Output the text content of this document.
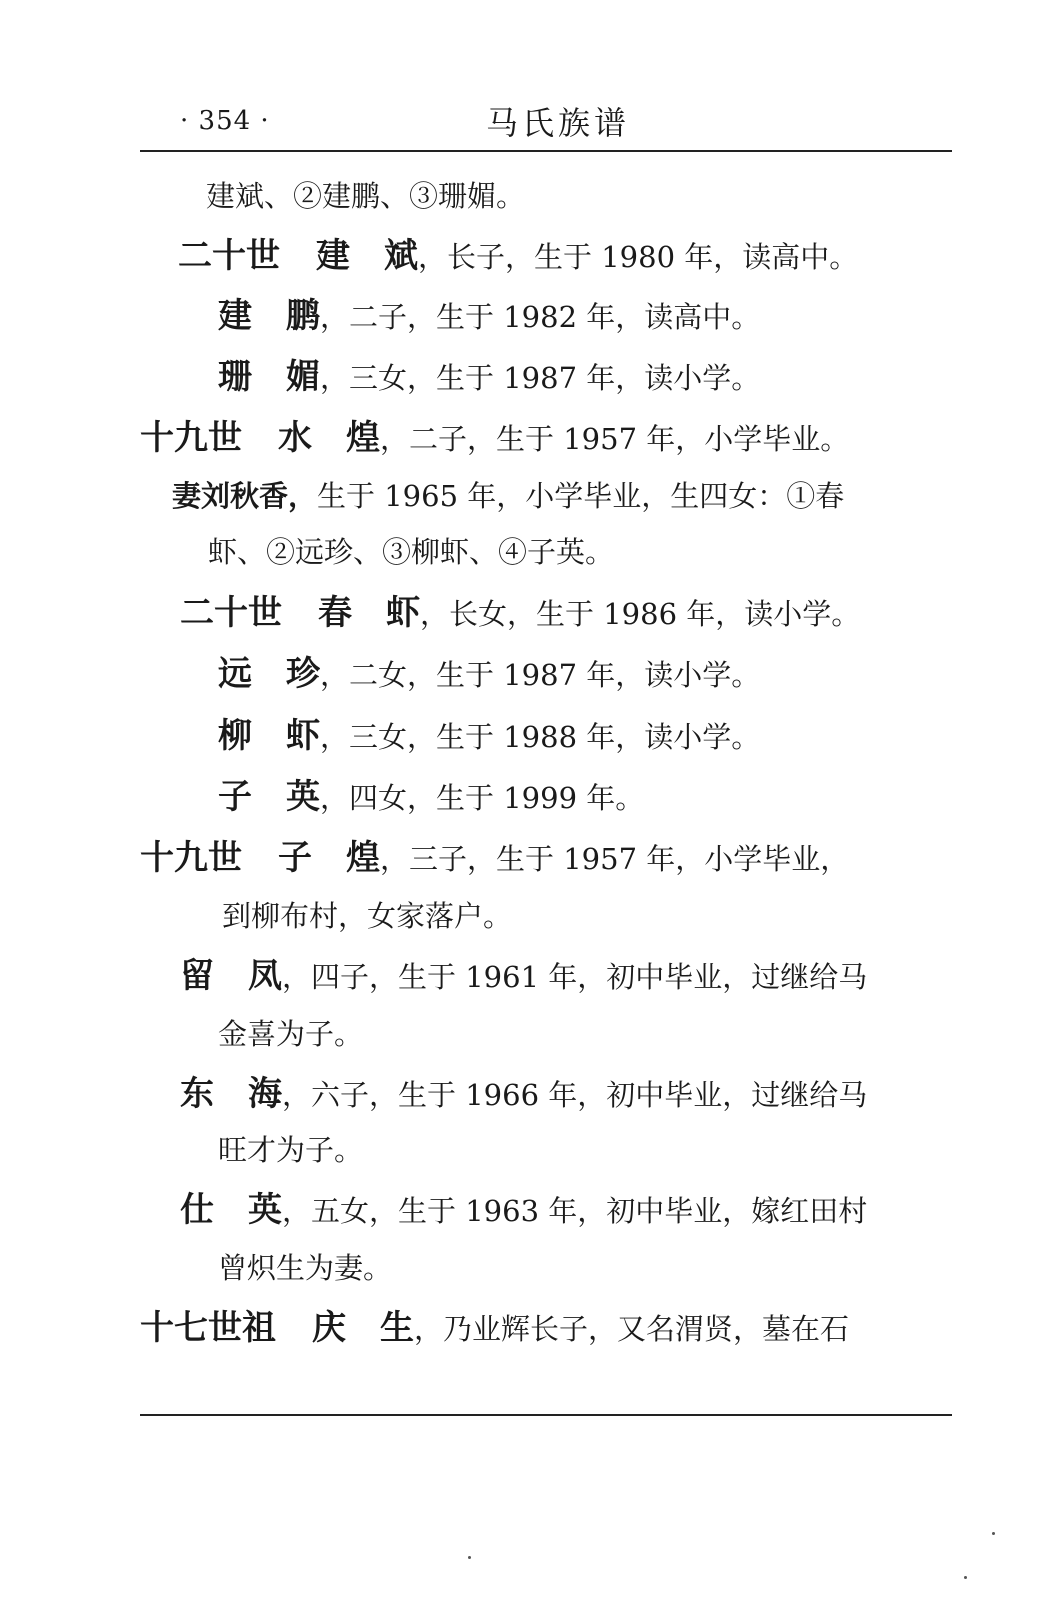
· 354 ·	马氏族谱
建斌、②建鹏、③珊媚。
二十世 建　斌，长子，生于 1980 年，读高中。
建　鹏，二子，生于 1982 年，读高中。
珊　媚，三女，生于 1987 年，读小学。
十九世 水　煌，二子，生于 1957 年，小学毕业。
妻刘秋香，生于 1965 年，小学毕业，生四女：①春
虾、②远珍、③柳虾、④子英。
二十世 春　虾，长女，生于 1986 年，读小学。
远　珍，二女，生于 1987 年，读小学。
柳　虾，三女，生于 1988 年，读小学。
子　英，四女，生于 1999 年。
十九世 子　煌，三子，生于 1957 年，小学毕业，
到柳布村，女家落户。
留　凤，四子，生于 1961 年，初中毕业，过继给马
金喜为子。
东　海，六子，生于 1966 年，初中毕业，过继给马
旺才为子。
仕　英，五女，生于 1963 年，初中毕业，嫁红田村
曾炽生为妻。
十七世祖 庆　生，乃业辉长子，又名渭贤，墓在石
